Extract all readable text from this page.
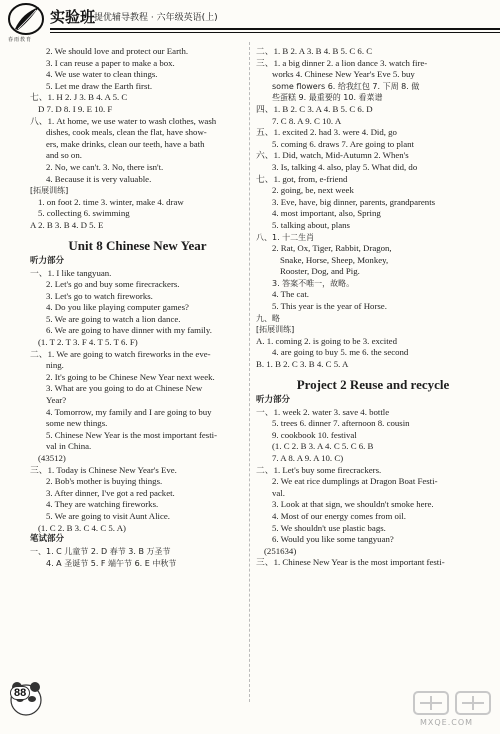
实验班
提优辅导教程 · 六年级英语(上)
春雨教育
2. We should love and protect our Earth.
3. I can reuse a paper to make a box.
4. We use water to clean things.
5. Let me draw the Earth first.
七、1. H 2. J 3. B 4. A 5. C
D 7. D 8. I 9. E 10. F
八、1. At home, we use water to wash clothes, wash
dishes, cook meals, clean the flat, have show-
ers, make drinks, clean our teeth, have a bath
and so on.
2. No, we can't. 3. No, there isn't.
4. Because it is very valuable.
[拓展训练]
1. on foot 2. time 3. winter, make 4. draw
5. collecting 6. swimming
A 2. B 3. B 4. D 5. E
Unit 8 Chinese New Year
听力部分
一、1. I like tangyuan.
2. Let's go and buy some firecrackers.
3. Let's go to watch fireworks.
4. Do you like playing computer games?
5. We are going to watch a lion dance.
6. We are going to have dinner with my family.
(1. T 2. T 3. F 4. T 5. T 6. F)
二、1. We are going to watch fireworks in the eve-
ning.
2. It's going to be Chinese New Year next week.
3. What are you going to do at Chinese New
Year?
4. Tomorrow, my family and I are going to buy
some new things.
5. Chinese New Year is the most important festi-
val in China.
(43512)
三、1. Today is Chinese New Year's Eve.
2. Bob's mother is buying things.
3. After dinner, I've got a red packet.
4. They are watching fireworks.
5. We are going to visit Aunt Alice.
(1. C 2. B 3. C 4. C 5. A)
笔试部分
一、1. C 儿童节 2. D 春节 3. B 万圣节
4. A 圣诞节 5. F 端午节 6. E 中秋节
二、1. B 2. A 3. B 4. B 5. C 6. C
三、1. a big dinner 2. a lion dance 3. watch fire-
works 4. Chinese New Year's Eve 5. buy
some flowers 6. 给我红包 7. 下周 8. 做
些蛋糕 9. 最重要的 10. 看菜谱
四、1. B 2. C 3. A 4. B 5. C 6. D
7. C 8. A 9. C 10. A
五、1. excited 2. had 3. were 4. Did, go
5. coming 6. draws 7. Are going to plant
六、1. Did, watch, Mid-Autumn 2. When's
3. Is, talking 4. also, play 5. What did, do
七、1. got, from, e-friend
2. going, be, next week
3. Eve, have, big dinner, parents, grandparents
4. most important, also, Spring
5. talking about, plans
八、1. 十二生肖
2. Rat, Ox, Tiger, Rabbit, Dragon,
Snake, Horse, Sheep, Monkey,
Rooster, Dog, and Pig.
3. 答案不唯一，故略。
4. The cat.
5. This year is the year of Horse.
九、略
[拓展训练]
A. 1. coming 2. is going to be 3. excited
4. are going to buy 5. me 6. the second
B. 1. B 2. C 3. B 4. C 5. A
Project 2 Reuse and recycle
听力部分
一、1. week 2. water 3. save 4. bottle
5. trees 6. dinner 7. afternoon 8. cousin
9. cookbook 10. festival
(1. C 2. B 3. A 4. C 5. C 6. B
7. A 8. A 9. A 10. C)
二、1. Let's buy some firecrackers.
2. We eat rice dumplings at Dragon Boat Festi-
val.
3. Look at that sign, we shouldn't smoke here.
4. Most of our energy comes from oil.
5. We shouldn't use plastic bags.
6. Would you like some tangyuan?
(251634)
三、1. Chinese New Year is the most important festi-
88
MXQE.COM
